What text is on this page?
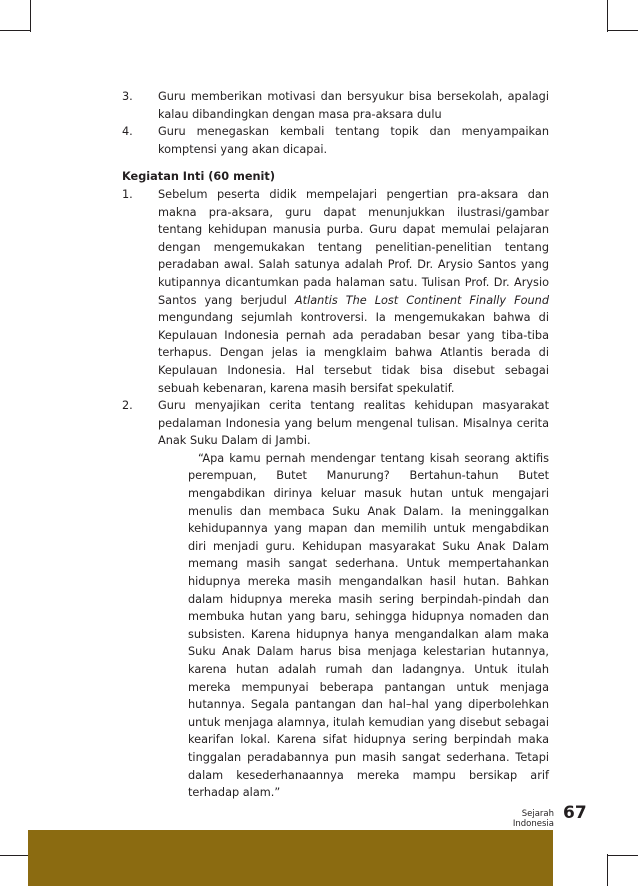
3.	Guru memberikan motivasi dan bersyukur bisa bersekolah, apalagi kalau dibandingkan dengan masa pra-aksara dulu
4.	Guru menegaskan kembali tentang topik dan menyampaikan komptensi yang akan dicapai.
Kegiatan Inti (60 menit)
1.	Sebelum peserta didik mempelajari pengertian pra-aksara dan makna pra-aksara, guru dapat menunjukkan ilustrasi/gambar tentang kehidupan manusia purba. Guru dapat memulai pelajaran dengan mengemukakan tentang penelitian-penelitian tentang peradaban awal. Salah satunya adalah Prof. Dr. Arysio Santos yang kutipannya dicantumkan pada halaman satu. Tulisan Prof. Dr. Arysio Santos yang berjudul Atlantis The Lost Continent Finally Found mengundang sejumlah kontroversi. Ia mengemukakan bahwa di Kepulauan Indonesia pernah ada peradaban besar yang tiba-tiba terhapus. Dengan jelas ia mengklaim bahwa Atlantis berada di Kepulauan Indonesia. Hal tersebut tidak bisa disebut sebagai sebuah kebenaran, karena masih bersifat spekulatif.
2.	Guru menyajikan cerita tentang realitas kehidupan masyarakat pedalaman Indonesia yang belum mengenal tulisan. Misalnya cerita Anak Suku Dalam di Jambi.
“Apa kamu pernah mendengar tentang kisah seorang aktifis perempuan, Butet Manurung? Bertahun-tahun Butet mengabdikan dirinya keluar masuk hutan untuk mengajari menulis dan membaca Suku Anak Dalam. Ia meninggalkan kehidupannya yang mapan dan memilih untuk mengabdikan diri menjadi guru. Kehidupan masyarakat Suku Anak Dalam memang masih sangat sederhana. Untuk mempertahankan hidupnya mereka masih mengandalkan hasil hutan. Bahkan dalam hidupnya mereka masih sering berpindah-pindah dan membuka hutan yang baru, sehingga hidupnya nomaden dan subsisten. Karena hidupnya hanya mengandalkan alam maka Suku Anak Dalam harus bisa menjaga kelestarian hutannya, karena hutan adalah rumah dan ladangnya. Untuk itulah mereka mempunyai beberapa pantangan untuk menjaga hutannya. Segala pantangan dan hal–hal yang diperbolehkan untuk menjaga alamnya, itulah kemudian yang disebut sebagai kearifan lokal. Karena sifat hidupnya sering berpindah maka tinggalan peradabannya pun masih sangat sederhana. Tetapi dalam kesederhanaannya mereka mampu bersikap arif terhadap alam.”
Sejarah Indonesia
67
